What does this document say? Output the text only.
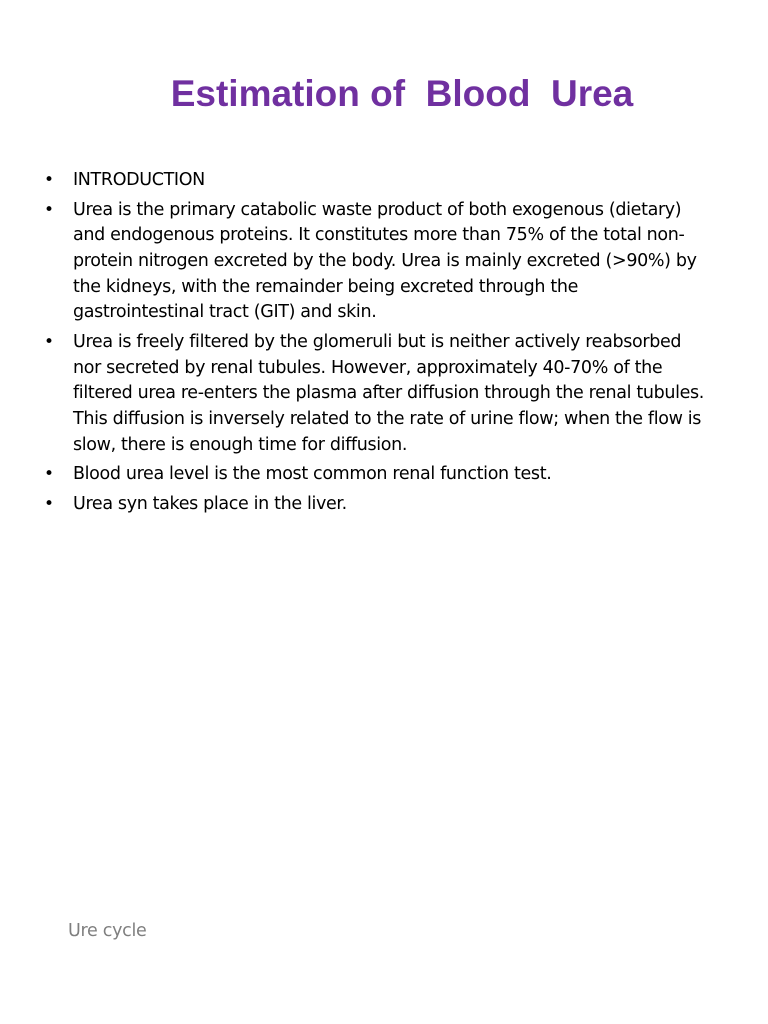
Estimation of  Blood  Urea
• INTRODUCTION
• Urea is the primary catabolic waste product of both exogenous (dietary) and endogenous proteins. It constitutes more than 75% of the total non-protein nitrogen excreted by the body. Urea is mainly excreted (>90%) by the kidneys, with the remainder being excreted through the gastrointestinal tract (GIT) and skin.
• Urea is freely filtered by the glomeruli but is neither actively reabsorbed nor secreted by renal tubules. However, approximately 40-70% of the filtered urea re-enters the plasma after diffusion through the renal tubules. This diffusion is inversely related to the rate of urine flow; when the flow is slow, there is enough time for diffusion.
• Blood urea level is the most common renal function test.
• Urea syn takes place in the liver.
Ure cycle
